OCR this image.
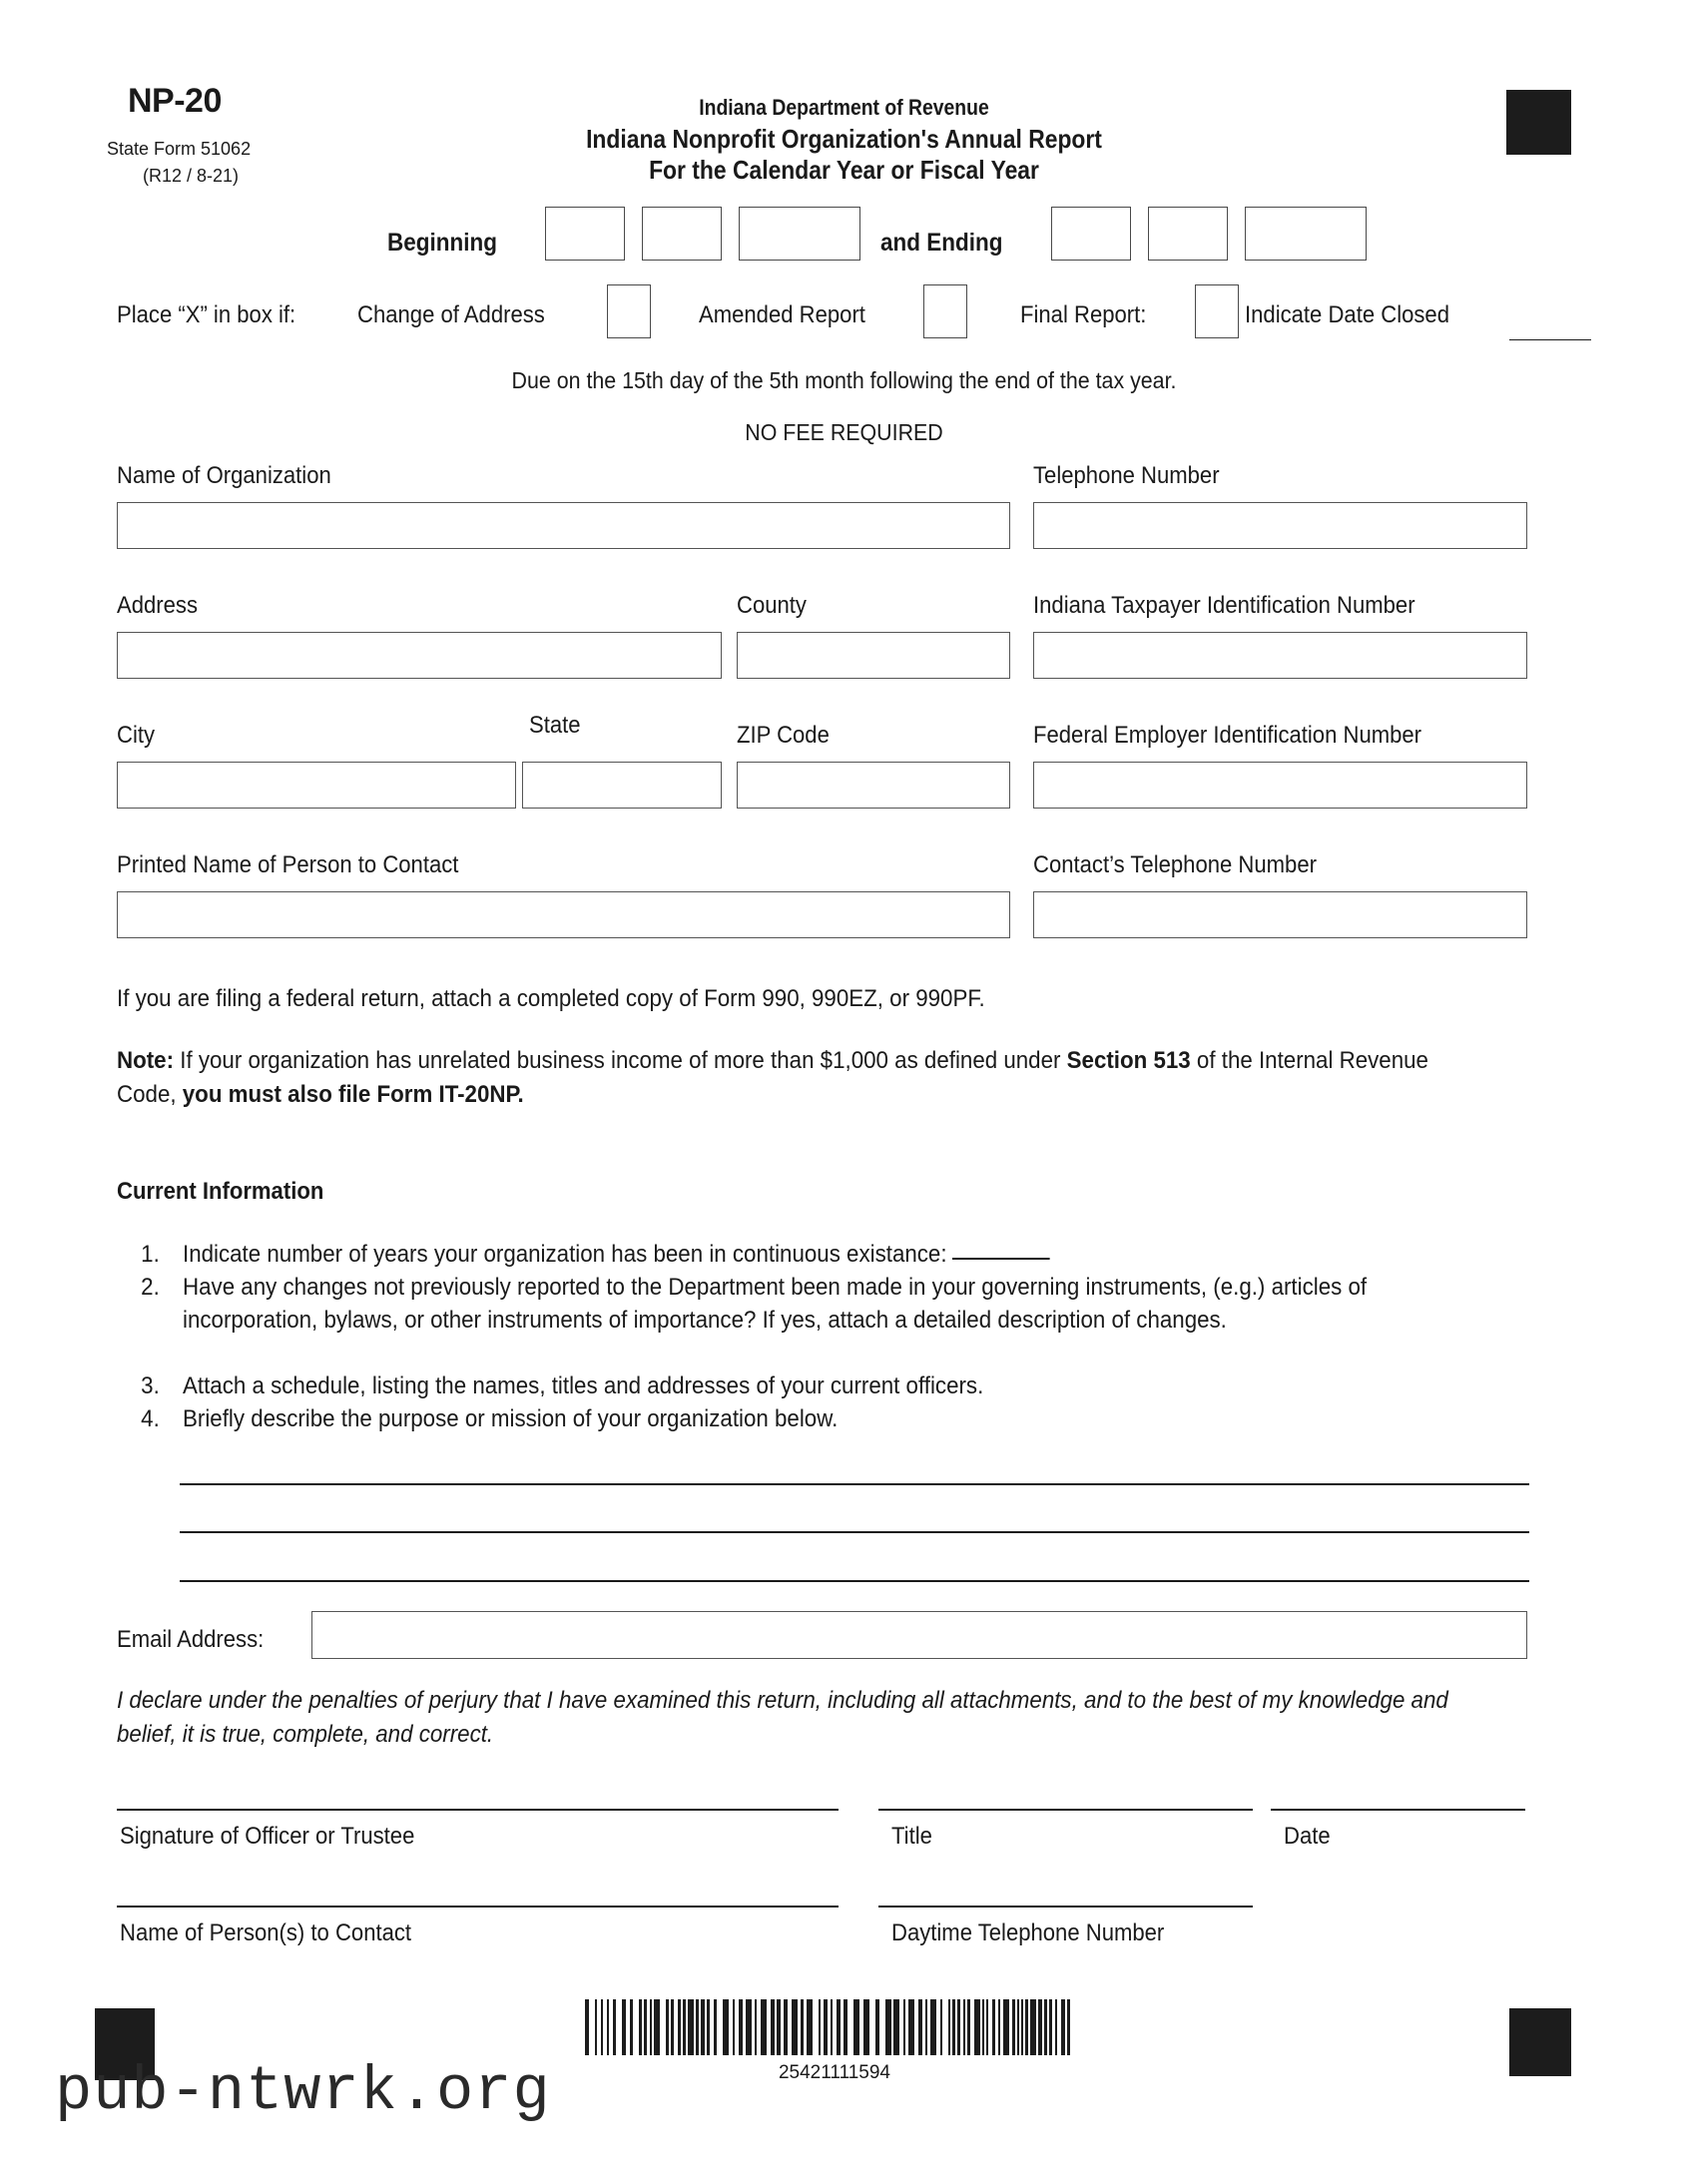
NP-20
State Form 51062
(R12 / 8-21)
Indiana Department of Revenue
Indiana Nonprofit Organization's Annual Report
For the Calendar Year or Fiscal Year
Beginning	and Ending
Place “X” in box if:	Change of Address	Amended Report	Final Report:	Indicate Date Closed
Due on the 15th day of the 5th month following the end of the tax year.
NO FEE REQUIRED
Name of Organization	Telephone Number
Address	County	Indiana Taxpayer Identification Number
City	State	ZIP Code	Federal Employer Identification Number
Printed Name of Person to Contact	Contact’s Telephone Number
If you are filing a federal return, attach a completed copy of Form 990, 990EZ, or 990PF.
Note: If your organization has unrelated business income of more than $1,000 as defined under Section 513 of the Internal Revenue Code, you must also file Form IT-20NP.
Current Information
1. Indicate number of years your organization has been in continuous existance:
2. Have any changes not previously reported to the Department been made in your governing instruments, (e.g.) articles of incorporation, bylaws, or other instruments of importance? If yes, attach a detailed description of changes.
3. Attach a schedule, listing the names, titles and addresses of your current officers.
4. Briefly describe the purpose or mission of your organization below.
Email Address:
I declare under the penalties of perjury that I have examined this return, including all attachments, and to the best of my knowledge and belief, it is true, complete, and correct.
Signature of Officer or Trustee	Title	Date
Name of Person(s) to Contact	Daytime Telephone Number
25421111594
pub-ntwrk.org
